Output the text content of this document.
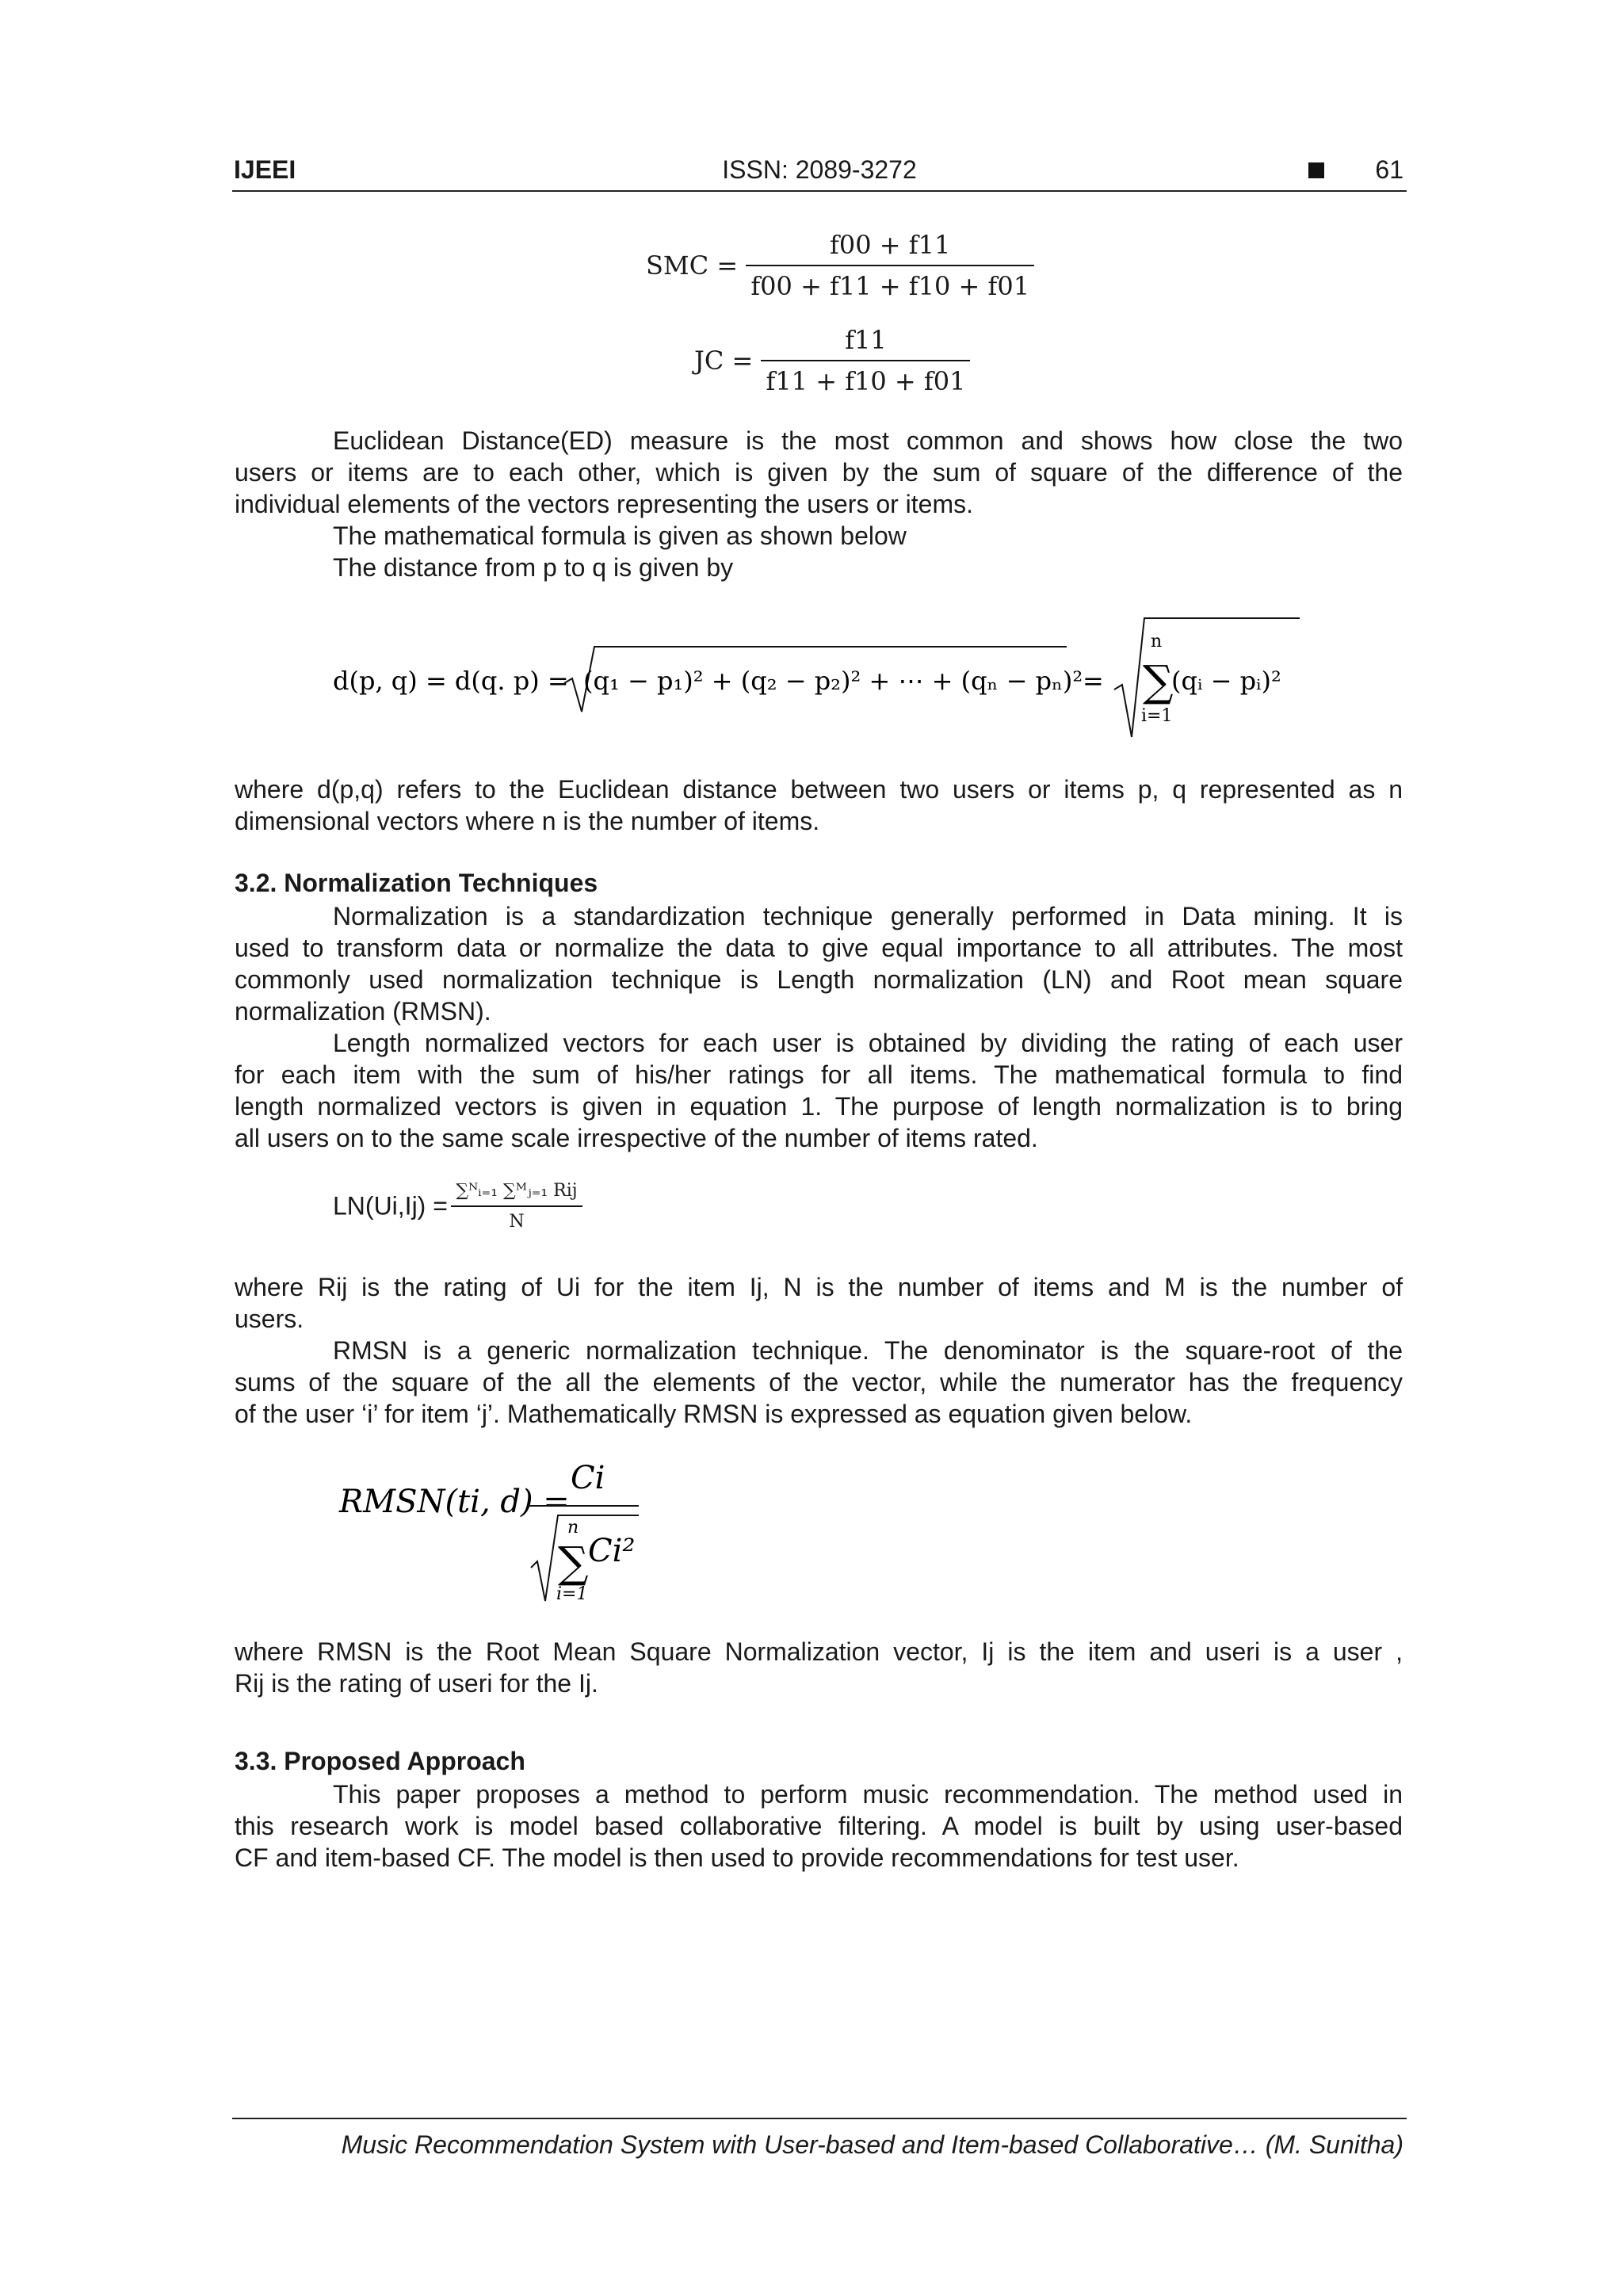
IJEEI	ISSN: 2089-3272	61
SMC = $\frac{f00 + f11}{f00 + f11 + f10 + f01}$
JC = $\frac{f11}{f11 + f10 + f01}$
Euclidean Distance(ED) measure is the most common and shows how close the two
users or items are to each other, which is given by the sum of square of the difference of the
individual elements of the vectors representing the users or items.
The mathematical formula is given as shown below
The distance from p to q is given by
d(p, q) = d(q. p) = (q₁ − p₁)² + (q₂ − p₂)² + ⋯ + (qₙ − pₙ)² =
n
∑
i=1
(qᵢ − pᵢ)²
where d(p,q) refers to the Euclidean distance between two users or items p, q represented as n
dimensional vectors where n is the number of items.
3.2. Normalization Techniques
Normalization is a standardization technique generally performed in Data mining. It is
used to transform data or normalize the data to give equal importance to all attributes. The most
commonly used normalization technique is Length normalization (LN) and Root mean square
normalization (RMSN).
Length normalized vectors for each user is obtained by dividing the rating of each user
for each item with the sum of his/her ratings for all items. The mathematical formula to find
length normalized vectors is given in equation 1. The purpose of length normalization is to bring
all users on to the same scale irrespective of the number of items rated.
$LN(Ui,Ij) = \frac{\text{∑ᴺᵢ₌₁ ∑ᴹⱼ₌₁ Rij}}{N}$
where Rij is the rating of Ui for the item Ij, N is the number of items and M is the number of
users.
RMSN is a generic normalization technique. The denominator is the square-root of the
sums of the square of the all the elements of the vector, while the numerator has the frequency
of the user ‘i’ for item ‘j’. Mathematically RMSN is expressed as equation given below.
RMSN(ti, d) =
Ci
n
∑
i=1
Ci²
where RMSN is the Root Mean Square Normalization vector, Ij is the item and useri is a user ,
Rij is the rating of useri for the Ij.
3.3. Proposed Approach
This paper proposes a method to perform music recommendation. The method used in
this research work is model based collaborative filtering. A model is built by using user-based
CF and item-based CF. The model is then used to provide recommendations for test user.
Music Recommendation System with User-based and Item-based Collaborative… (M. Sunitha)
